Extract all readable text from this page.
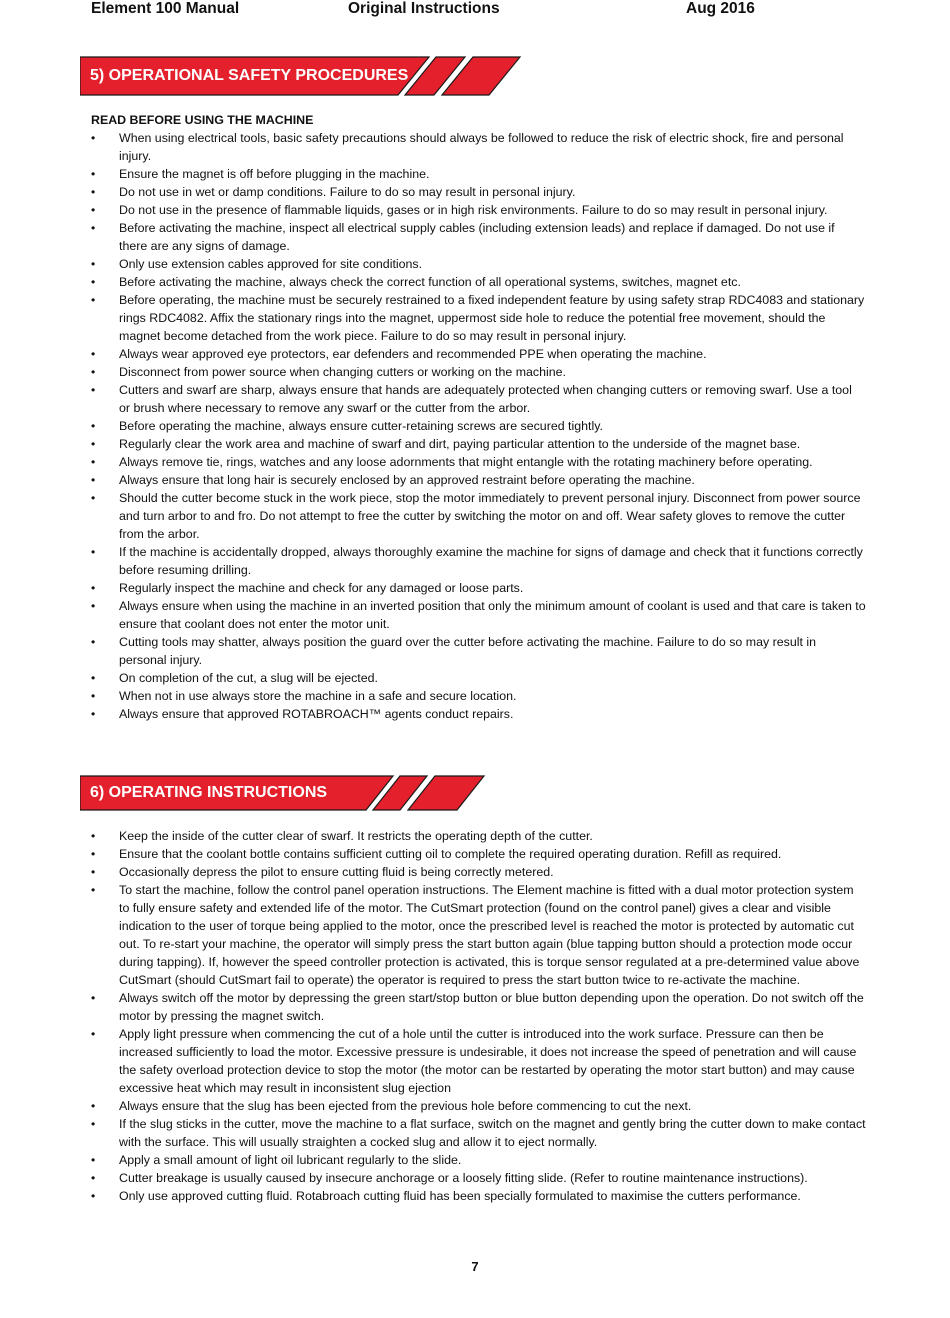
Element 100 Manual	Original Instructions	Aug 2016
5) OPERATIONAL SAFETY PROCEDURES

READ BEFORE USING THE MACHINE

• When using electrical tools, basic safety precautions should always be followed to reduce the risk of electric shock, fire and personal injury.
• Ensure the magnet is off before plugging in the machine.
• Do not use in wet or damp conditions. Failure to do so may result in personal injury.
• Do not use in the presence of flammable liquids, gases or in high risk environments. Failure to do so may result in personal injury.
• Before activating the machine, inspect all electrical supply cables (including extension leads) and replace if damaged. Do not use if there are any signs of damage.
• Only use extension cables approved for site conditions.
• Before activating the machine, always check the correct function of all operational systems, switches, magnet etc.
• Before operating, the machine must be securely restrained to a fixed independent feature by using safety strap RDC4083 and stationary rings RDC4082. Affix the stationary rings into the magnet, uppermost side hole to reduce the potential free movement, should the magnet become detached from the work piece. Failure to do so may result in personal injury.
• Always wear approved eye protectors, ear defenders and recommended PPE when operating the machine.
• Disconnect from power source when changing cutters or working on the machine.
• Cutters and swarf are sharp, always ensure that hands are adequately protected when changing cutters or removing swarf. Use a tool or brush where necessary to remove any swarf or the cutter from the arbor.
• Before operating the machine, always ensure cutter-retaining screws are secured tightly.
• Regularly clear the work area and machine of swarf and dirt, paying particular attention to the underside of the magnet base.
• Always remove tie, rings, watches and any loose adornments that might entangle with the rotating machinery before operating.
• Always ensure that long hair is securely enclosed by an approved restraint before operating the machine.
• Should the cutter become stuck in the work piece, stop the motor immediately to prevent personal injury. Disconnect from power source and turn arbor to and fro. Do not attempt to free the cutter by switching the motor on and off. Wear safety gloves to remove the cutter from the arbor.
• If the machine is accidentally dropped, always thoroughly examine the machine for signs of damage and check that it functions correctly before resuming drilling.
• Regularly inspect the machine and check for any damaged or loose parts.
• Always ensure when using the machine in an inverted position that only the minimum amount of coolant is used and that care is taken to ensure that coolant does not enter the motor unit.
• Cutting tools may shatter, always position the guard over the cutter before activating the machine. Failure to do so may result in personal injury.
• On completion of the cut, a slug will be ejected.
• When not in use always store the machine in a safe and secure location.
• Always ensure that approved ROTABROACH™ agents conduct repairs.
6) OPERATING INSTRUCTIONS
• Keep the inside of the cutter clear of swarf. It restricts the operating depth of the cutter.
• Ensure that the coolant bottle contains sufficient cutting oil to complete the required operating duration. Refill as required.
• Occasionally depress the pilot to ensure cutting fluid is being correctly metered.
• To start the machine, follow the control panel operation instructions. The Element machine is fitted with a dual motor protection system to fully ensure safety and extended life of the motor. The CutSmart protection (found on the control panel) gives a clear and visible indication to the user of torque being applied to the motor, once the prescribed level is reached the motor is protected by automatic cut out. To re-start your machine, the operator will simply press the start button again (blue tapping button should a protection mode occur during tapping). If, however the speed controller protection is activated, this is torque sensor regulated at a pre-determined value above CutSmart (should CutSmart fail to operate) the operator is required to press the start button twice to re-activate the machine.
• Always switch off the motor by depressing the green start/stop button or blue button depending upon the operation. Do not switch off the motor by pressing the magnet switch.
• Apply light pressure when commencing the cut of a hole until the cutter is introduced into the work surface. Pressure can then be increased sufficiently to load the motor. Excessive pressure is undesirable, it does not increase the speed of penetration and will cause the safety overload protection device to stop the motor (the motor can be restarted by operating the motor start button) and may cause excessive heat which may result in inconsistent slug ejection
• Always ensure that the slug has been ejected from the previous hole before commencing to cut the next.
• If the slug sticks in the cutter, move the machine to a flat surface, switch on the magnet and gently bring the cutter down to make contact with the surface. This will usually straighten a cocked slug and allow it to eject normally.
• Apply a small amount of light oil lubricant regularly to the slide.
• Cutter breakage is usually caused by insecure anchorage or a loosely fitting slide. (Refer to routine maintenance instructions).
• Only use approved cutting fluid. Rotabroach cutting fluid has been specially formulated to maximise the cutters performance.
7
